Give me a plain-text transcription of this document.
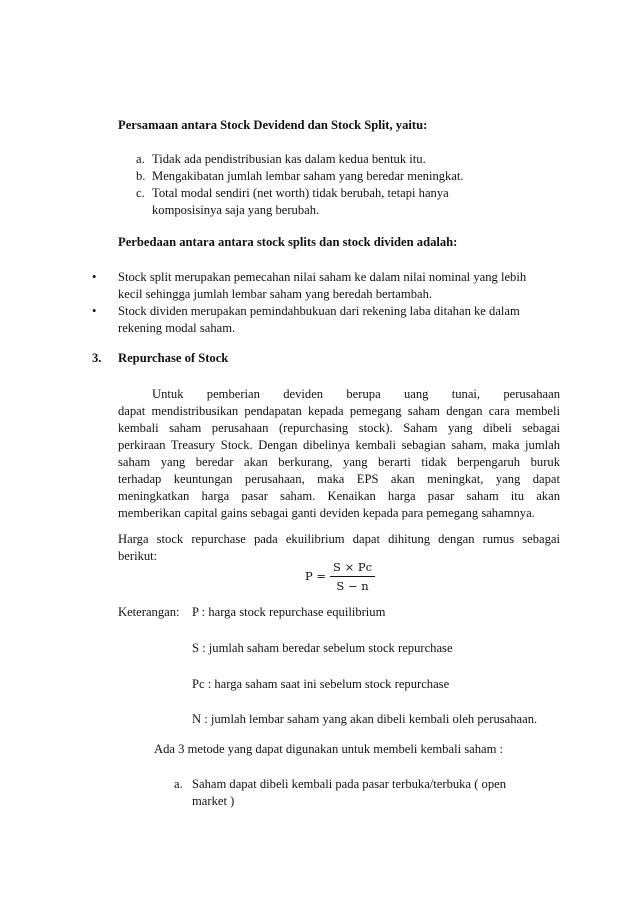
Persamaan antara Stock Devidend dan Stock Split, yaitu:
a. Tidak ada pendistribusian kas dalam kedua bentuk itu.
b. Mengakibatan jumlah lembar saham yang beredar meningkat.
c. Total modal sendiri (net worth) tidak berubah, tetapi hanya
komposisinya saja yang berubah.
Perbedaan antara antara stock splits dan stock dividen adalah:
• Stock split merupakan pemecahan nilai saham ke dalam nilai nominal yang lebih
kecil sehingga jumlah lembar saham yang beredah bertambah.
• Stock dividen merupakan pemindahbukuan dari rekening laba ditahan ke dalam
rekening modal saham.
3. Repurchase of Stock
Untuk pemberian deviden berupa uang tunai, perusahaan
dapat mendistribusikan pendapatan kepada pemegang saham dengan cara membeli
kembali saham perusahaan (repurchasing stock). Saham yang dibeli sebagai
perkiraan Treasury Stock. Dengan dibelinya kembali sebagian saham, maka jumlah
saham yang beredar akan berkurang, yang berarti tidak berpengaruh buruk
terhadap keuntungan perusahaan, maka EPS akan meningkat, yang dapat
meningkatkan harga pasar saham. Kenaikan harga pasar saham itu akan
memberikan capital gains sebagai ganti deviden kepada para pemegang sahamnya.
Harga stock repurchase pada ekuilibrium dapat dihitung dengan rumus sebagai
berikut:
$P = \frac{S \times Pc}{S - n}$
Keterangan: P : harga stock repurchase equilibrium
S : jumlah saham beredar sebelum stock repurchase
Pc : harga saham saat ini sebelum stock repurchase
N : jumlah lembar saham yang akan dibeli kembali oleh perusahaan.
Ada 3 metode yang dapat digunakan untuk membeli kembali saham :
a. Saham dapat dibeli kembali pada pasar terbuka/terbuka ( open
market )
